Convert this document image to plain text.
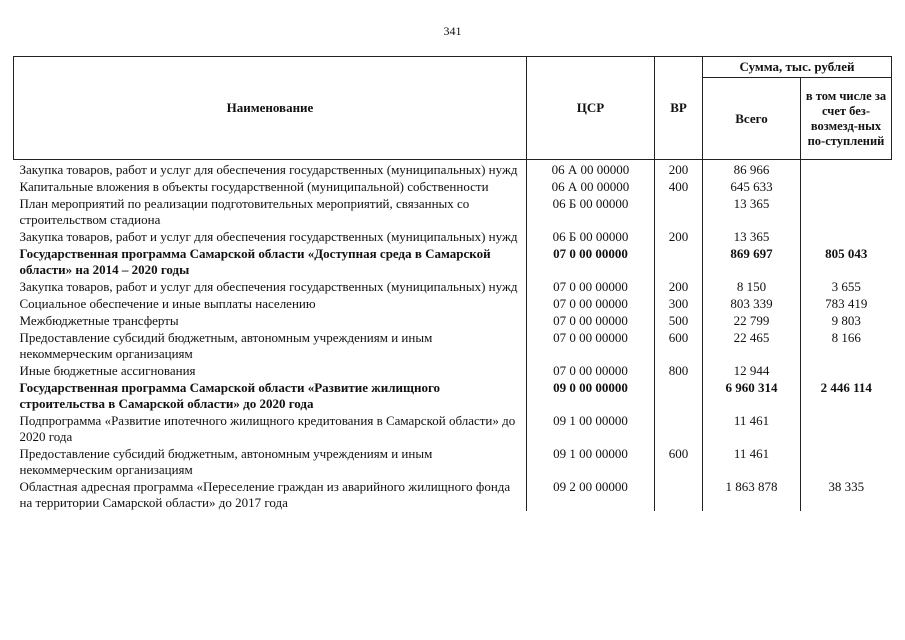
341
Наименование	ЦСР	ВР	Сумма, тыс. рублей	
			Всего	в том числе за счет без-возмезд-ных по-ступлений
Закупка товаров, работ и услуг для обеспечения государственных (муниципальных) нужд	06 А 00 00000	200	86 966	
Капитальные вложения в объекты государственной (муниципальной) собственности	06 А 00 00000	400	645 633	
План мероприятий по реализации подготовительных мероприятий, связанных со строительством стадиона	06 Б 00 00000		13 365	
Закупка товаров, работ и услуг для обеспечения государственных (муниципальных) нужд	06 Б 00 00000	200	13 365	
Государственная программа Самарской области «Доступная среда в Самарской области» на 2014 – 2020 годы	07 0 00 00000		869 697	805 043
Закупка товаров, работ и услуг для обеспечения государственных (муниципальных) нужд	07 0 00 00000	200	8 150	3 655
Социальное обеспечение и иные выплаты населению	07 0 00 00000	300	803 339	783 419
Межбюджетные трансферты	07 0 00 00000	500	22 799	9 803
Предоставление субсидий бюджетным, автономным учреждениям и иным некоммерческим организациям	07 0 00 00000	600	22 465	8 166
Иные бюджетные ассигнования	07 0 00 00000	800	12 944	
Государственная программа Самарской области «Развитие жилищного строительства в Самарской области» до 2020 года	09 0 00 00000		6 960 314	2 446 114
Подпрограмма «Развитие ипотечного жилищного кредитования в Самарской области» до 2020 года	09 1 00 00000		11 461	
Предоставление субсидий бюджетным, автономным учреждениям и иным некоммерческим организациям	09 1 00 00000	600	11 461	
Областная адресная программа «Переселение граждан из аварийного жилищного фонда на территории Самарской области» до 2017 года	09 2 00 00000		1 863 878	38 335
